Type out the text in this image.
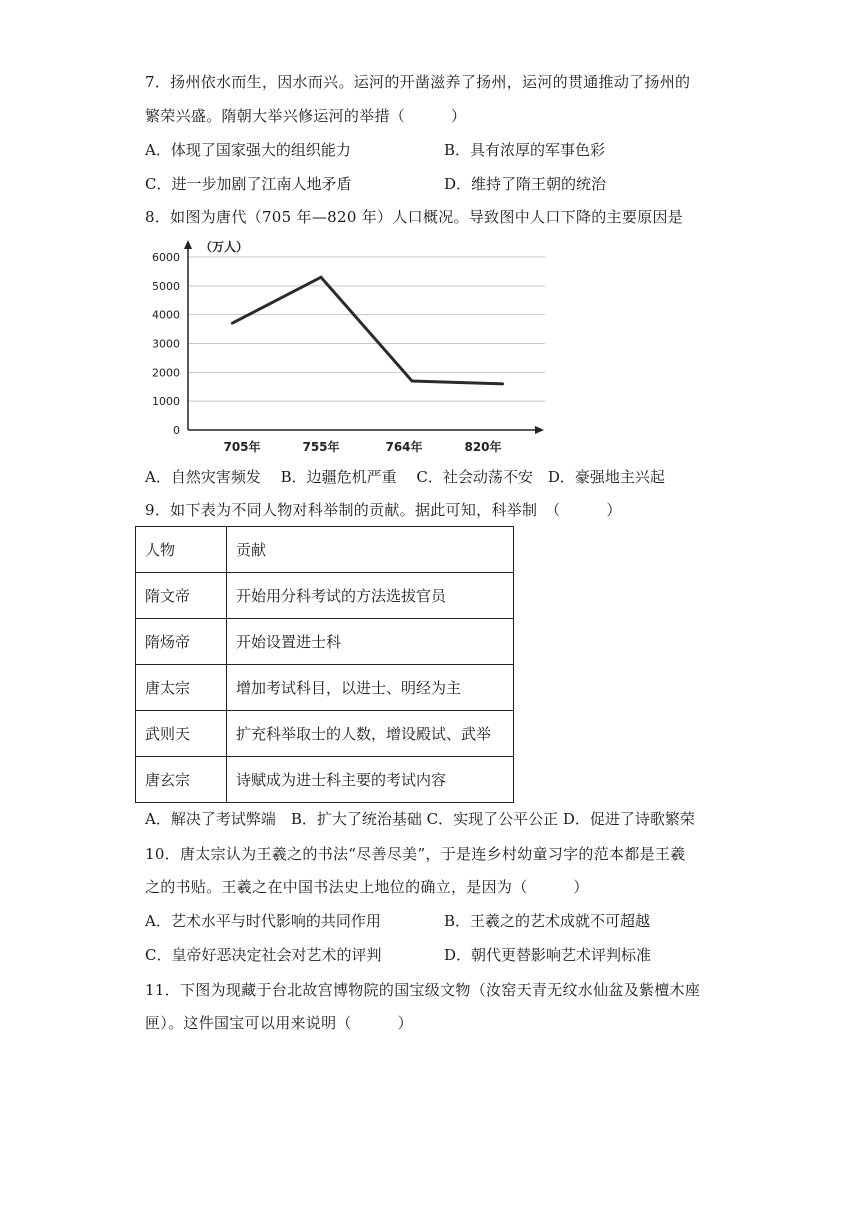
7．扬州依水而生，因水而兴。运河的开凿滋养了扬州，运河的贯通推动了扬州的
繁荣兴盛。隋朝大举兴修运河的举措（　　　）
A．体现了国家强大的组织能力	B．具有浓厚的军事色彩
C．进一步加剧了江南人地矛盾	D．维持了隋王朝的统治
8．如图为唐代（705 年—820 年）人口概况。导致图中人口下降的主要原因是
（万人）
0
1000
2000
3000
4000
5000
6000
705年	755年	764年	820年
A．自然灾害频发　 B．边疆危机严重　 C．社会动荡不安　D．豪强地主兴起
9．如下表为不同人物对科举制的贡献。据此可知，科举制　（　　　）
人物	贡献
隋文帝	开始用分科考试的方法选拔官员
隋炀帝	开始设置进士科
唐太宗	增加考试科目，以进士、明经为主
武则天	扩充科举取士的人数，增设殿试、武举
唐玄宗	诗赋成为进士科主要的考试内容
A．解决了考试弊端　B．扩大了统治基础 C．实现了公平公正 D．促进了诗歌繁荣
10．唐太宗认为王羲之的书法“尽善尽美”，于是连乡村幼童习字的范本都是王羲
之的书贴。王羲之在中国书法史上地位的确立，是因为（　　　）
A．艺术水平与时代影响的共同作用	B．王羲之的艺术成就不可超越
C．皇帝好恶决定社会对艺术的评判	D．朝代更替影响艺术评判标准
11．下图为现藏于台北故宫博物院的国宝级文物（汝窑天青无纹水仙盆及紫檀木座
匣）。这件国宝可以用来说明（　　　）
